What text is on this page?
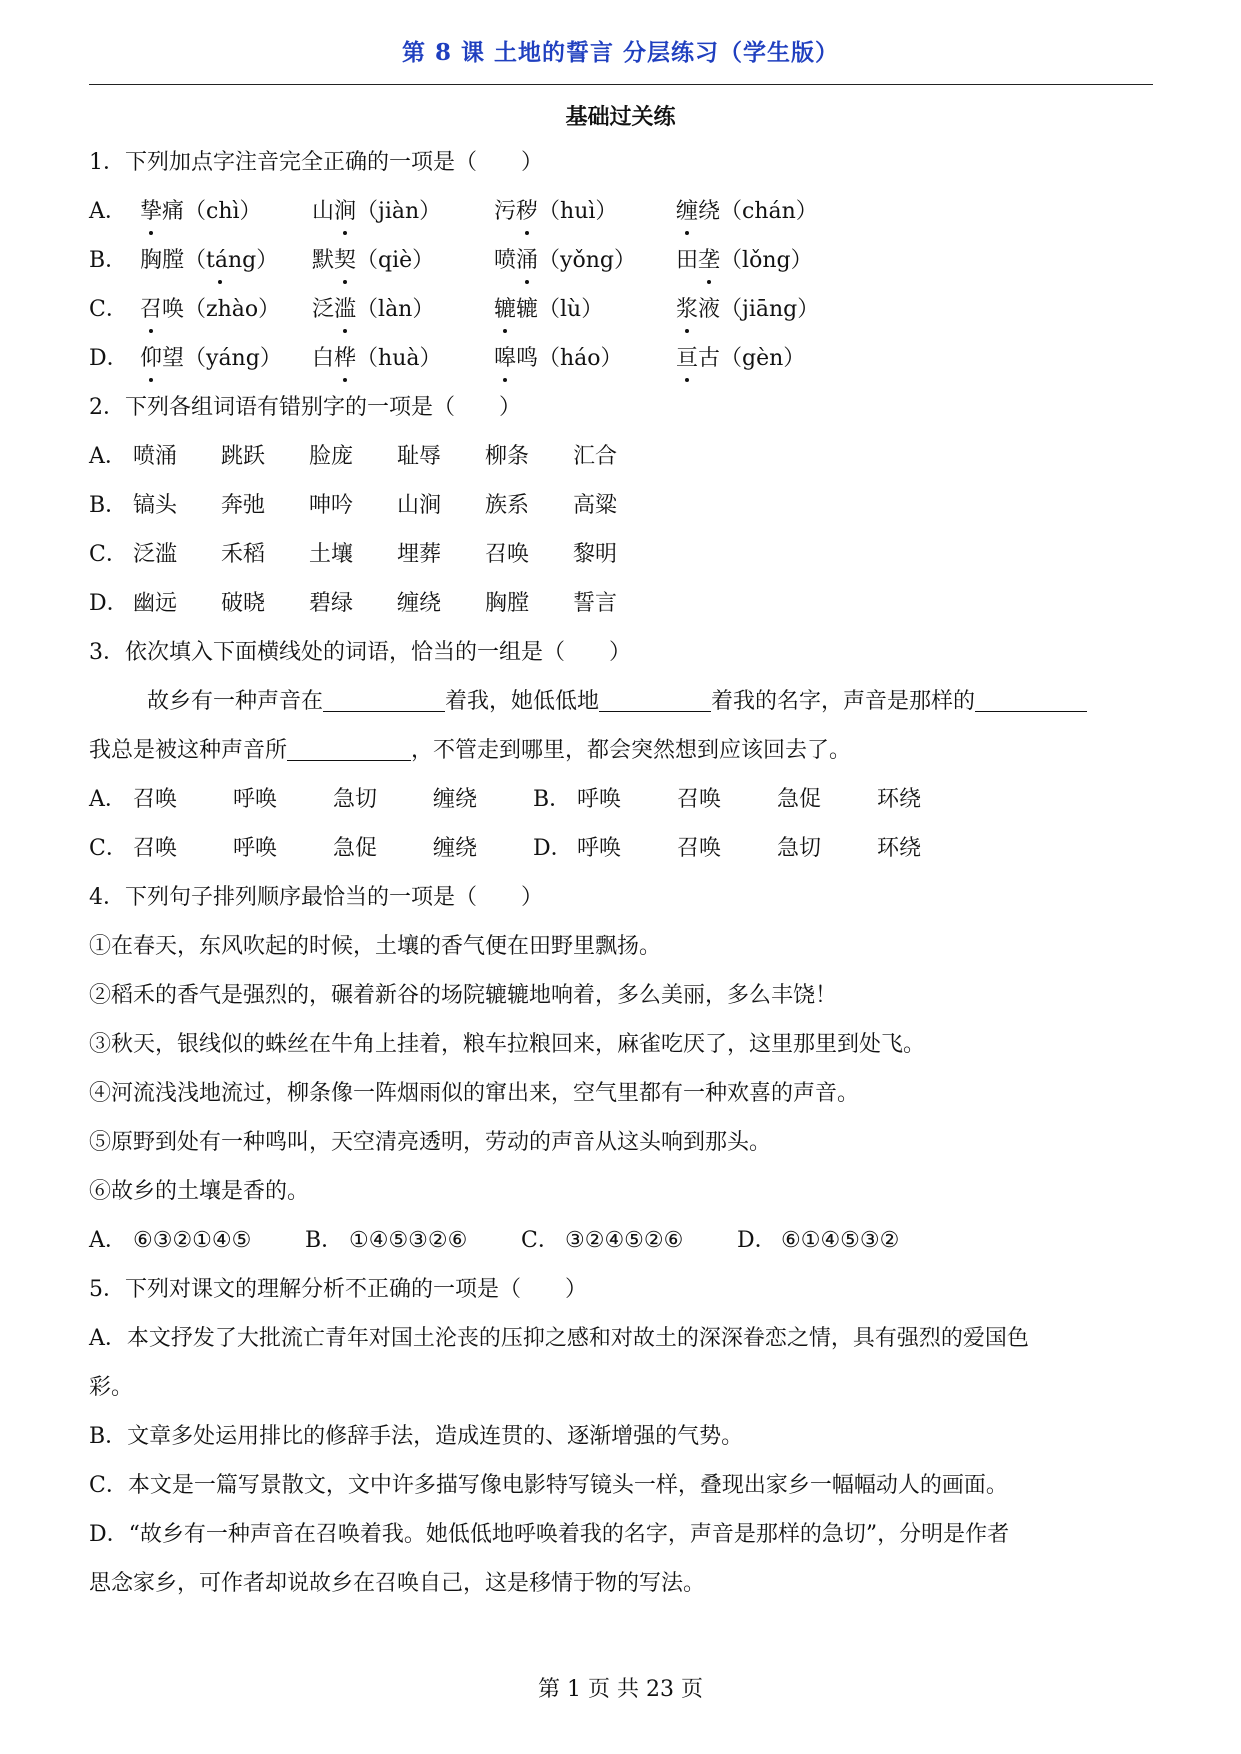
第 8 课 土地的誓言 分层练习（学生版）
基础过关练
1．下列加点字注音完全正确的一项是（　　）
A． 挚痛（chì） 山涧（jiàn） 污秽（huì）	缠绕（chán）
B． 胸膛（táng） 默契（qiè）	喷涌（yǒng） 田垄（lǒng）
C． 召唤（zhào） 泛滥（làn）	辘辘（lù）	浆液（jiāng）
D． 仰望（yáng） 白桦（huà） 嗥鸣（háo） 亘古（gèn）
2．下列各组词语有错别字的一项是（　　）
A． 喷涌 跳跃 脸庞 耻辱 柳条 汇合
B． 镐头 奔弛 呻吟 山涧 族系 高粱
C． 泛滥 禾稻 土壤 埋葬 召唤 黎明
D． 幽远 破晓 碧绿 缠绕 胸膛 誓言
3．依次填入下面横线处的词语，恰当的一组是（　　）
故乡有一种声音在	着我，她低低地	着我的名字，声音是那样的
我总是被这种声音所	，不管走到哪里，都会突然想到应该回去了。
A． 召唤	呼唤	急切	缠绕	B． 呼唤	召唤	急促	环绕
C． 召唤	呼唤	急促	缠绕	D． 呼唤	召唤	急切	环绕
4．下列句子排列顺序最恰当的一项是（　　）
①在春天，东风吹起的时候，土壤的香气便在田野里飘扬。
②稻禾的香气是强烈的，碾着新谷的场院辘辘地响着，多么美丽，多么丰饶！
③秋天，银线似的蛛丝在牛角上挂着，粮车拉粮回来，麻雀吃厌了，这里那里到处飞。
④河流浅浅地流过，柳条像一阵烟雨似的窜出来，空气里都有一种欢喜的声音。
⑤原野到处有一种鸣叫，天空清亮透明，劳动的声音从这头响到那头。
⑥故乡的土壤是香的。
A． ⑥③②①④⑤ B． ①④⑤③②⑥ C． ③②④⑤②⑥ D． ⑥①④⑤③②
5．下列对课文的理解分析不正确的一项是（　　）
A．本文抒发了大批流亡青年对国土沦丧的压抑之感和对故土的深深眷恋之情，具有强烈的爱国色
彩。
B．文章多处运用排比的修辞手法，造成连贯的、逐渐增强的气势。
C．本文是一篇写景散文，文中许多描写像电影特写镜头一样，叠现出家乡一幅幅动人的画面。
D．“故乡有一种声音在召唤着我。她低低地呼唤着我的名字，声音是那样的急切”，分明是作者
思念家乡，可作者却说故乡在召唤自己，这是移情于物的写法。
第 1 页 共 23 页
